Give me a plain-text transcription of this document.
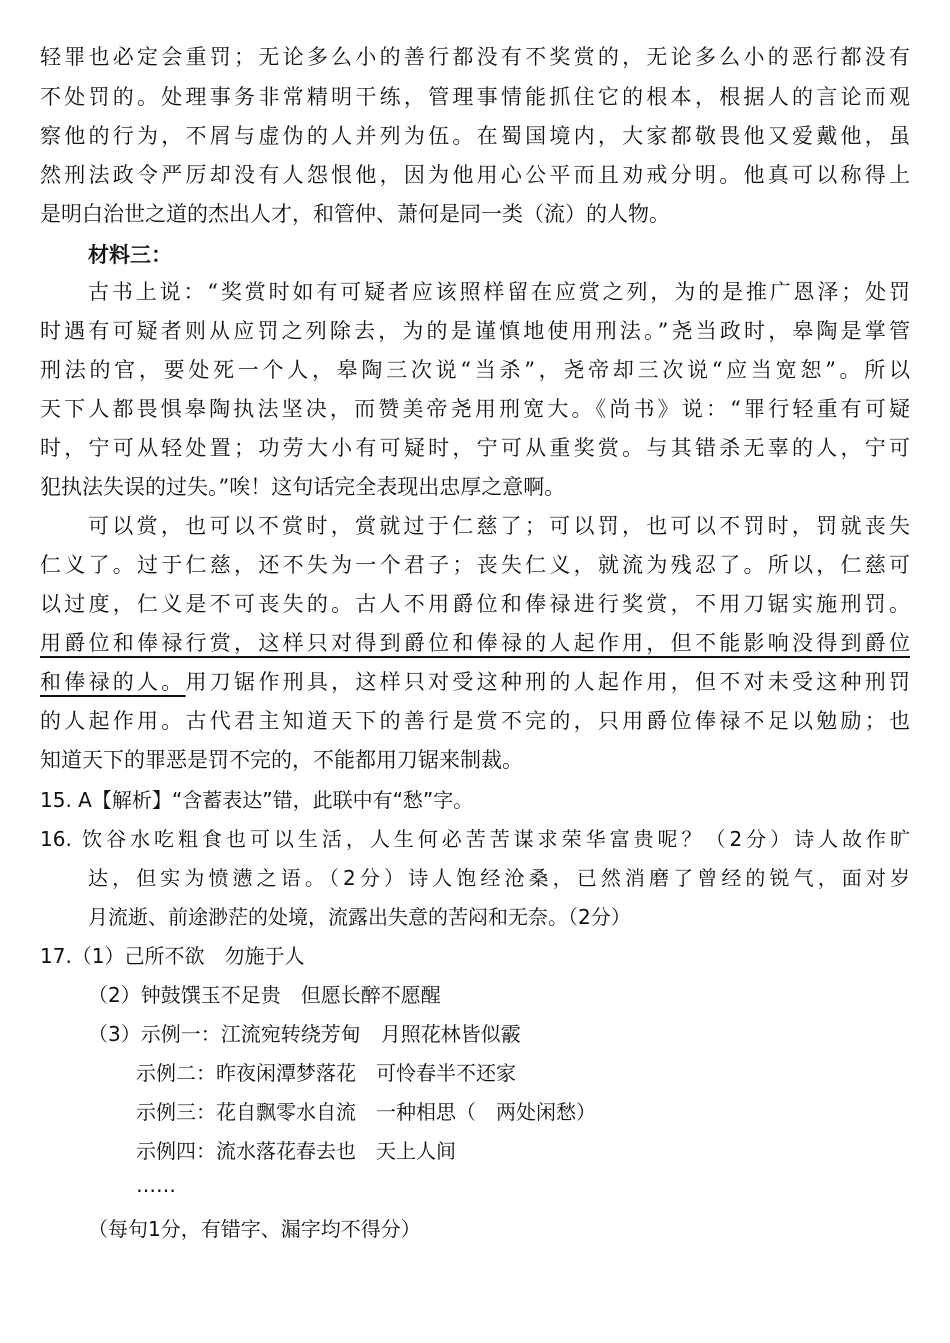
轻罪也必定会重罚；无论多么小的善行都没有不奖赏的，无论多么小的恶行都没有
不处罚的。处理事务非常精明干练，管理事情能抓住它的根本，根据人的言论而观
察他的行为，不屑与虚伪的人并列为伍。在蜀国境内，大家都敬畏他又爱戴他，虽
然刑法政令严厉却没有人怨恨他，因为他用心公平而且劝戒分明。他真可以称得上
是明白治世之道的杰出人才，和管仲、萧何是同一类（流）的人物。
材料三：
古书上说：“奖赏时如有可疑者应该照样留在应赏之列，为的是推广恩泽；处罚
时遇有可疑者则从应罚之列除去，为的是谨慎地使用刑法。”尧当政时，皋陶是掌管
刑法的官，要处死一个人，皋陶三次说“当杀”，尧帝却三次说“应当宽恕”。所以
天下人都畏惧皋陶执法坚决，而赞美帝尧用刑宽大。《尚书》说：“罪行轻重有可疑
时，宁可从轻处置；功劳大小有可疑时，宁可从重奖赏。与其错杀无辜的人，宁可
犯执法失误的过失。”唉！这句话完全表现出忠厚之意啊。
可以赏，也可以不赏时，赏就过于仁慈了；可以罚，也可以不罚时，罚就丧失
仁义了。过于仁慈，还不失为一个君子；丧失仁义，就流为残忍了。所以，仁慈可
以过度，仁义是不可丧失的。古人不用爵位和俸禄进行奖赏，不用刀锯实施刑罚。
用爵位和俸禄行赏，这样只对得到爵位和俸禄的人起作用，但不能影响没得到爵位
和俸禄的人。用刀锯作刑具，这样只对受这种刑的人起作用，但不对未受这种刑罚
的人起作用。古代君主知道天下的善行是赏不完的，只用爵位俸禄不足以勉励；也
知道天下的罪恶是罚不完的，不能都用刀锯来制裁。
15. A【解析】“含蓄表达”错，此联中有“愁”字。
16. 饮谷水吃粗食也可以生活，人生何必苦苦谋求荣华富贵呢？（2分）诗人故作旷
达，但实为愤懑之语。（2分）诗人饱经沧桑，已然消磨了曾经的锐气，面对岁
月流逝、前途渺茫的处境，流露出失意的苦闷和无奈。（2分）
17.（1）己所不欲　勿施于人
（2）钟鼓馔玉不足贵　但愿长醉不愿醒
（3）示例一：江流宛转绕芳甸　月照花林皆似霰
示例二：昨夜闲潭梦落花　可怜春半不还家
示例三：花自飘零水自流　一种相思（　两处闲愁）
示例四：流水落花春去也　天上人间
……
（每句1分，有错字、漏字均不得分）
